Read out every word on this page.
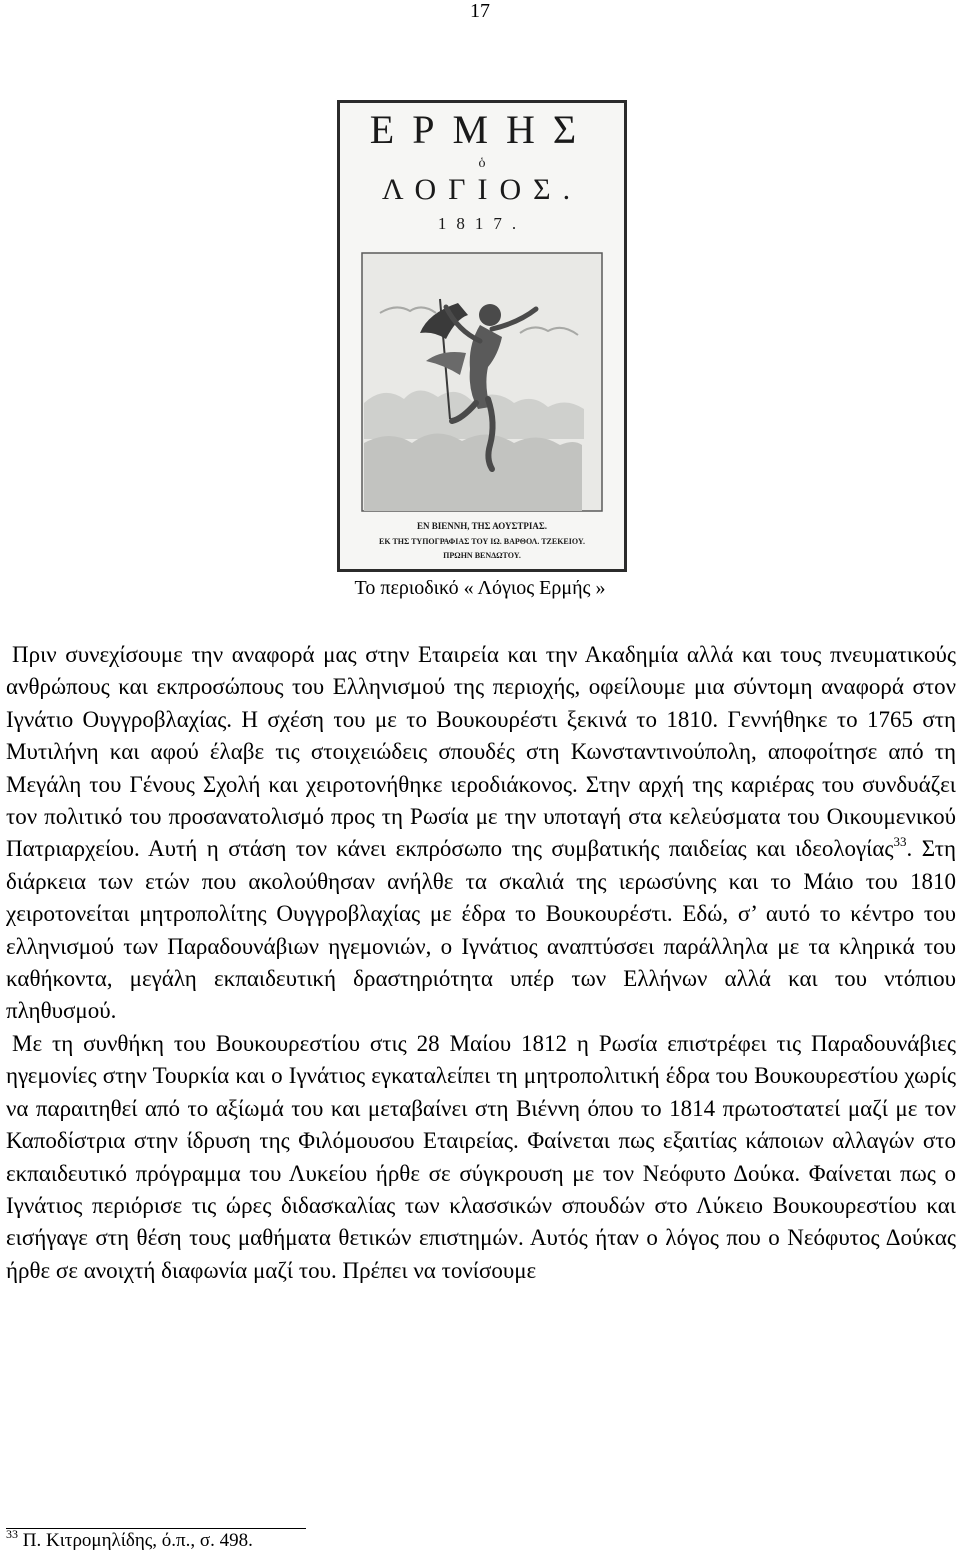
17
ΕΡΜΗΣ
ὁ
ΛΟΓΙΟΣ.
1817.
ΕΝ ΒΙΕΝΝΗ, ΤΗΣ ΑΟΥΣΤΡΙΑΣ.
ΕΚ ΤΗΣ ΤΥΠΟΓΡΑΦΙΑΣ ΤΟΥ ΙΩ. ΒΑΡΘΟΛ. ΤΖΕΚΕΙΟΥ.
ΠΡΩΗΝ ΒΕΝΔΩΤΟΥ.
Το περιοδικό « Λόγιος Ερμής »

Πριν συνεχίσουμε την αναφορά μας στην Εταιρεία και την Ακαδημία αλλά και τους πνευματικούς ανθρώπους και εκπροσώπους του Ελληνισμού της περιοχής, οφείλουμε μια σύντομη αναφορά στον Ιγνάτιο Ουγγροβλαχίας. Η σχέση του με το Βουκουρέστι ξεκινά το 1810. Γεννήθηκε το 1765 στη Μυτιλήνη και αφού έλαβε τις στοιχειώδεις σπουδές στη Κωνσταντινούπολη, αποφοίτησε από τη Μεγάλη του Γένους Σχολή και χειροτονήθηκε ιεροδιάκονος. Στην αρχή της καριέρας του συνδυάζει τον πολιτικό του προσανατολισμό προς τη Ρωσία με την υποταγή στα κελεύσματα του Οικουμενικού Πατριαρχείου. Αυτή η στάση τον κάνει εκπρόσωπο της συμβατικής παιδείας και ιδεολογίας$^{33}$. Στη διάρκεια των ετών που ακολούθησαν ανήλθε τα σκαλιά της ιερωσύνης και το Μάιο του 1810 χειροτονείται μητροπολίτης Ουγγροβλαχίας με έδρα το Βουκουρέστι. Εδώ, σ’ αυτό το κέντρο του ελληνισμού των Παραδουνάβιων ηγεμονιών, ο Ιγνάτιος αναπτύσσει παράλληλα με τα κληρικά του καθήκοντα, μεγάλη εκπαιδευτική δραστηριότητα υπέρ των Ελλήνων αλλά και του ντόπιου πληθυσμού.

Με τη συνθήκη του Βουκουρεστίου στις 28 Μαίου 1812 η Ρωσία επιστρέφει τις Παραδουνάβιες ηγεμονίες στην Τουρκία και ο Ιγνάτιος εγκαταλείπει τη μητροπολιτική έδρα του Βουκουρεστίου χωρίς να παραιτηθεί από το αξίωμά του και μεταβαίνει στη Βιέννη όπου το 1814 πρωτοστατεί μαζί με τον Καποδίστρια στην ίδρυση της Φιλόμουσου Εταιρείας. Φαίνεται πως εξαιτίας κάποιων αλλαγών στο εκπαιδευτικό πρόγραμμα του Λυκείου ήρθε σε σύγκρουση με τον Νεόφυτο Δούκα. Φαίνεται πως ο Ιγνάτιος περιόρισε τις ώρες διδασκαλίας των κλασσικών σπουδών στο Λύκειο Βουκουρεστίου και εισήγαγε στη θέση τους μαθήματα θετικών επιστημών. Αυτός ήταν ο λόγος που ο Νεόφυτος Δούκας ήρθε σε ανοιχτή διαφωνία μαζί του. Πρέπει να τονίσουμε

$^{33}$ Π. Κιτρομηλίδης, ό.π., σ. 498.
